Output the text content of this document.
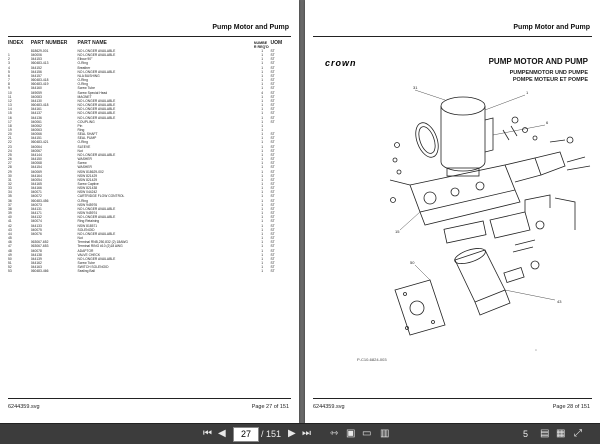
Pump Motor and Pump
INDEX	PART NUMBER	PART NAME	NUMBE R REQ'D	UOM
	818629-001	NO LONGER AVAILABLE	1	ST
1	040006	NO LONGER AVAILABLE	1	ST
2	044153	Elbow 90°	1	ST
3	060483-413	O-Ring	1	ST
4	044152	Breather	1	ST
5	044156	NO LONGER AVAILABLE	1	ST
6	044157	NLA BUSHING	1	ST
7	060483-418	O-Ring	1	ST
8	060483-419	O-Ring	1	ST
9	044160	Screw Tube	1	ST
10	049059	Screw Special Head	4	ST
11	040083	MAGNET	1	ST
12	044130	NO LONGER AVAILABLE	1	ST
13	060483-418	NO LONGER AVAILABLE	1	ST
14	044161	NO LONGER AVAILABLE	1	ST
15	044137	NO LONGER AVAILABLE	1	ST
16	044136	NO LONGER AVAILABLE	1	ST
17	040061	COUPLING	1	ST
18	040062	Pin	1	
19	040063	Ring	1	
20	040066	SEAL SHAFT	1	ST
21	044151	SEAL PUMP	1	ST
22	060483-421	O-Ring	1	ST
23	040064	SLEEVE	1	ST
24	040067	Nut	1	ST
25	044144	NO LONGER AVAILABLE	1	ST
26	044150	WASHER	1	ST
27	040068	Screw	1	ST
28	044154	WASHER	1	ST
29	040069	NSW 818629-002	1	ST
30	044164	NSW 821429	1	ST
31	040054	NSW 821429	1	ST
32	044165	Screw Captive	1	ST
33	044166	NSW 821438	1	ST
34	040071	NSW 044242	1	ST
35	040072	CARTRIDGE FLOW CONTROL	1	ST
36	060483-456	O-Ring	1	ST
37	040073	NSW 945976	1	ST
38	044131	NO LONGER AVAILABLE	1	ST
39	044171	NSW 945974	1	ST
40	044132	NO LONGER AVAILABLE	1	ST
41	040074	Ring Retaining	1	ST
42	044133	NSW 818571	1	ST
43	040075	SOLENOID	1	ST
44	040076	NO LONGER AVAILABLE	1	ST
45		Nut	1	ST
46	063067-652	Terminal RNB,250,832 (2) 18AWG	1	ST
47	063067-653	Terminal RING #10 (2)18 AWG	1	ST
48	040078	ADAPTOR	1	ST
49	044138	VALVE CHECK	1	ST
50	044139	NO LONGER AVAILABLE	1	ST
51	044162	Screw Tube	1	ST
52	044163	SWITCH SOLENOID	1	ST
53	060483-466	Sealing Ball	1	ST
6244359.svg	Page 27 of 151
Pump Motor and Pump
crown	PUMP MOTOR AND PUMP
PUMPENMOTOR UND PUMPE
POMPE MOTEUR ET POMPE
31
1
6
15
43
50
□
P-C10-6824-003
6244359.svg	Page 28 of 151
⏮ ◀	27	/ 151 ▶ ⏭ ⇿ ▣ ▭ ▥	5 ▤ ▦ ⤢
